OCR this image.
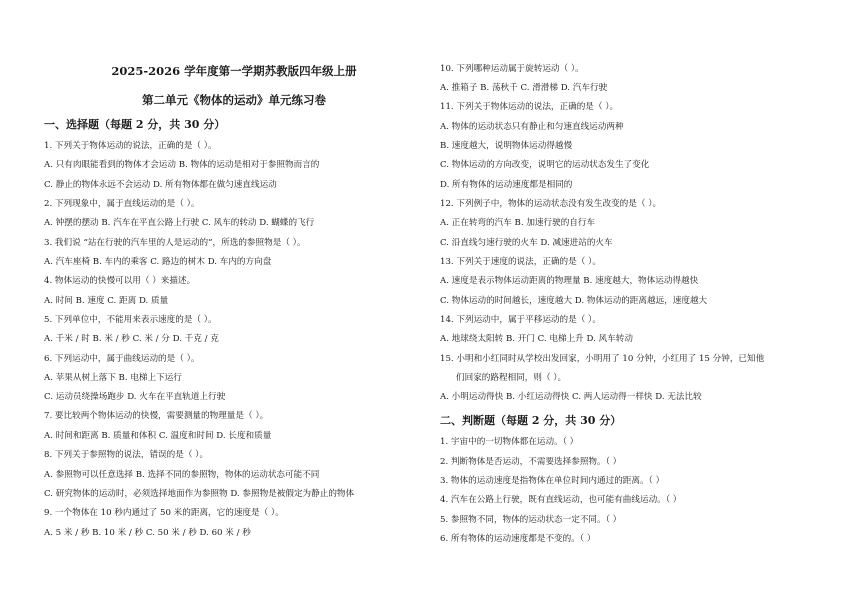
2025-2026 学年度第一学期苏教版四年级上册
第二单元《物体的运动》单元练习卷
一、选择题（每题 2 分，共 30 分）
1. 下列关于物体运动的说法，正确的是（ ）。
A. 只有肉眼能看到的物体才会运动 B. 物体的运动是相对于参照物而言的
C. 静止的物体永远不会运动 D. 所有物体都在做匀速直线运动
2. 下列现象中，属于直线运动的是（ ）。
A. 钟摆的摆动 B. 汽车在平直公路上行驶 C. 风车的转动 D. 蝴蝶的飞行
3. 我们说 “站在行驶的汽车里的人是运动的”，所选的参照物是（ ）。
A. 汽车座椅 B. 车内的乘客 C. 路边的树木 D. 车内的方向盘
4. 物体运动的快慢可以用（ ）来描述。
A. 时间 B. 速度 C. 距离 D. 质量
5. 下列单位中，不能用来表示速度的是（ ）。
A. 千米 / 时 B. 米 / 秒 C. 米 / 分 D. 千克 / 克
6. 下列运动中，属于曲线运动的是（ ）。
A. 苹果从树上落下 B. 电梯上下运行
C. 运动员绕操场跑步 D. 火车在平直轨道上行驶
7. 要比较两个物体运动的快慢，需要测量的物理量是（ ）。
A. 时间和距离 B. 质量和体积 C. 温度和时间 D. 长度和质量
8. 下列关于参照物的说法，错误的是（ ）。
A. 参照物可以任意选择 B. 选择不同的参照物，物体的运动状态可能不同
C. 研究物体的运动时，必须选择地面作为参照物 D. 参照物是被假定为静止的物体
9. 一个物体在 10 秒内通过了 50 米的距离，它的速度是（ ）。
A. 5 米 / 秒 B. 10 米 / 秒 C. 50 米 / 秒 D. 60 米 / 秒
10. 下列哪种运动属于旋转运动（ ）。
A. 推箱子 B. 荡秋千 C. 滑滑梯 D. 汽车行驶
11. 下列关于物体运动的说法，正确的是（ ）。
A. 物体的运动状态只有静止和匀速直线运动两种
B. 速度越大，说明物体运动得越慢
C. 物体运动的方向改变，说明它的运动状态发生了变化
D. 所有物体的运动速度都是相同的
12. 下列例子中，物体的运动状态没有发生改变的是（ ）。
A. 正在转弯的汽车 B. 加速行驶的自行车
C. 沿直线匀速行驶的火车 D. 减速进站的火车
13. 下列关于速度的说法，正确的是（ ）。
A. 速度是表示物体运动距离的物理量 B. 速度越大，物体运动得越快
C. 物体运动的时间越长，速度越大 D. 物体运动的距离越远，速度越大
14. 下列运动中，属于平移运动的是（ ）。
A. 地球绕太阳转 B. 开门 C. 电梯上升 D. 风车转动
15. 小明和小红同时从学校出发回家，小明用了 10 分钟，小红用了 15 分钟，已知他
们回家的路程相同，则（ ）。
A. 小明运动得快 B. 小红运动得快 C. 两人运动得一样快 D. 无法比较
二、判断题（每题 2 分，共 30 分）
1. 宇宙中的一切物体都在运动。（ ）
2. 判断物体是否运动，不需要选择参照物。（ ）
3. 物体的运动速度是指物体在单位时间内通过的距离。（ ）
4. 汽车在公路上行驶，既有直线运动，也可能有曲线运动。（ ）
5. 参照物不同，物体的运动状态一定不同。（ ）
6. 所有物体的运动速度都是不变的。（ ）
